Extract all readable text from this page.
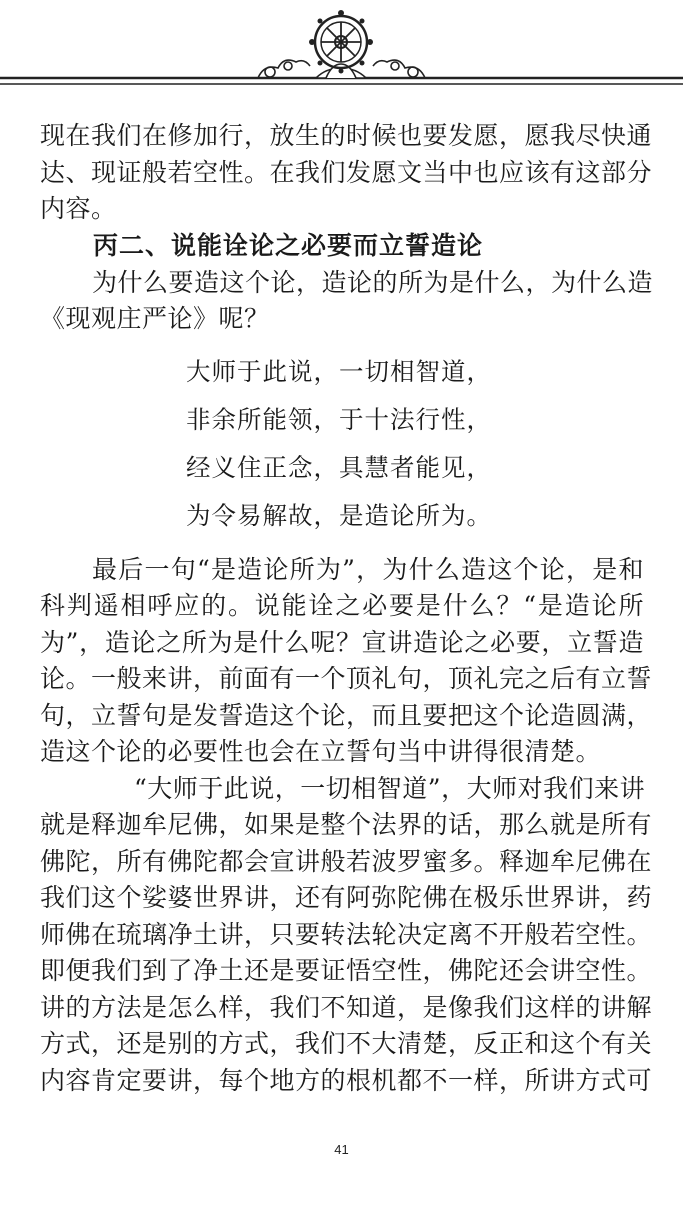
现在我们在修加行，放生的时候也要发愿，愿我尽快通
达、现证般若空性。在我们发愿文当中也应该有这部分
内容。
丙二、说能诠论之必要而立誓造论
为什么要造这个论，造论的所为是什么，为什么造
《现观庄严论》呢？
大师于此说，一切相智道，
非余所能领，于十法行性，
经义住正念，具慧者能见，
为令易解故，是造论所为。
最后一句“是造论所为”，为什么造这个论，是和
科判遥相呼应的。说能诠之必要是什么？“是造论所
为”，造论之所为是什么呢？宣讲造论之必要，立誓造
论。一般来讲，前面有一个顶礼句，顶礼完之后有立誓
句，立誓句是发誓造这个论，而且要把这个论造圆满，
造这个论的必要性也会在立誓句当中讲得很清楚。
“大师于此说，一切相智道”，大师对我们来讲
就是释迦牟尼佛，如果是整个法界的话，那么就是所有
佛陀，所有佛陀都会宣讲般若波罗蜜多。释迦牟尼佛在
我们这个娑婆世界讲，还有阿弥陀佛在极乐世界讲，药
师佛在琉璃净土讲，只要转法轮决定离不开般若空性。
即便我们到了净土还是要证悟空性，佛陀还会讲空性。
讲的方法是怎么样，我们不知道，是像我们这样的讲解
方式，还是别的方式，我们不大清楚，反正和这个有关
内容肯定要讲，每个地方的根机都不一样，所讲方式可
41
